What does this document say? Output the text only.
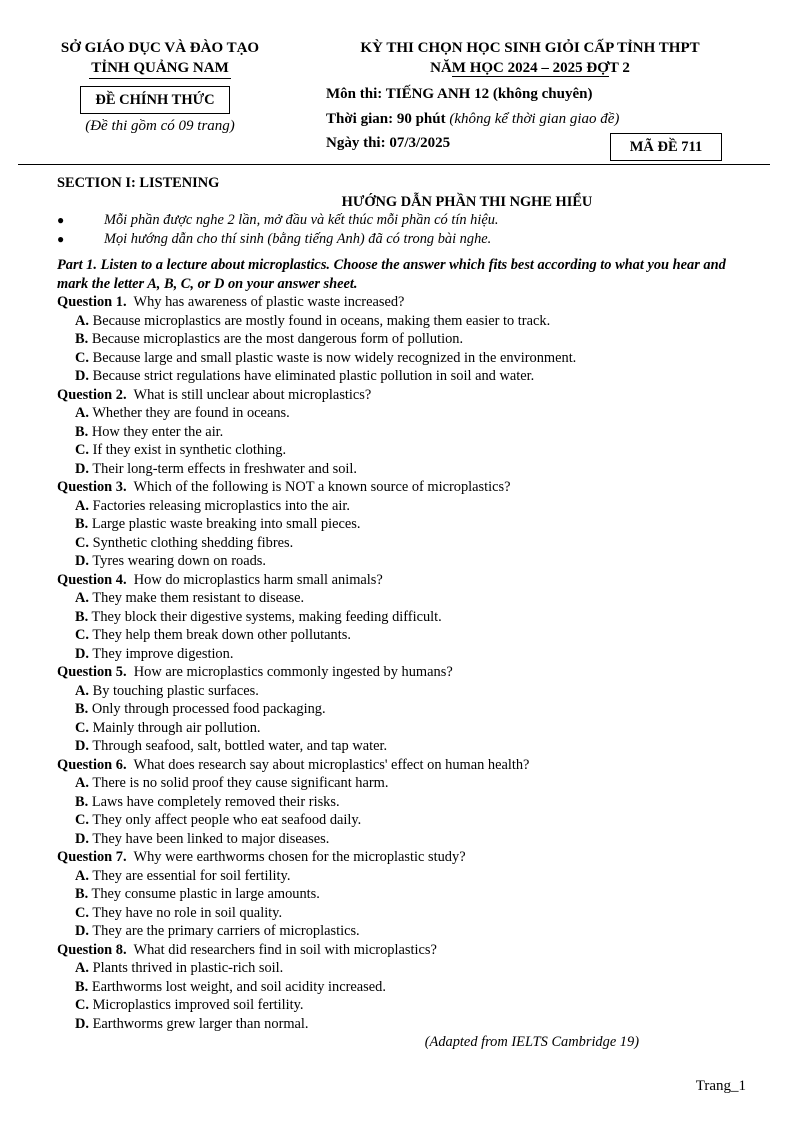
SỞ GIÁO DỤC VÀ ĐÀO TẠO
TỈNH QUẢNG NAM
ĐỀ CHÍNH THỨC
(Đề thi gồm có 09 trang)
KỲ THI CHỌN HỌC SINH GIỎI CẤP TỈNH THPT
NĂM HỌC 2024 – 2025 ĐỢT 2
Môn thi: TIẾNG ANH 12 (không chuyên)
Thời gian: 90 phút (không kể thời gian giao đề)
Ngày thi: 07/3/2025	MÃ ĐỀ 711
SECTION I: LISTENING
HƯỚNG DẪN PHẦN THI NGHE HIỂU
●	Mỗi phần được nghe 2 lần, mở đầu và kết thúc mỗi phần có tín hiệu.
●	Mọi hướng dẫn cho thí sinh (bằng tiếng Anh) đã có trong bài nghe.
Part 1. Listen to a lecture about microplastics. Choose the answer which fits best according to what you hear and mark the letter A, B, C, or D on your answer sheet.
Question 1. Why has awareness of plastic waste increased?
A. Because microplastics are mostly found in oceans, making them easier to track.
B. Because microplastics are the most dangerous form of pollution.
C. Because large and small plastic waste is now widely recognized in the environment.
D. Because strict regulations have eliminated plastic pollution in soil and water.
Question 2. What is still unclear about microplastics?
A. Whether they are found in oceans.
B. How they enter the air.
C. If they exist in synthetic clothing.
D. Their long-term effects in freshwater and soil.
Question 3. Which of the following is NOT a known source of microplastics?
A. Factories releasing microplastics into the air.
B. Large plastic waste breaking into small pieces.
C. Synthetic clothing shedding fibres.
D. Tyres wearing down on roads.
Question 4. How do microplastics harm small animals?
A. They make them resistant to disease.
B. They block their digestive systems, making feeding difficult.
C. They help them break down other pollutants.
D. They improve digestion.
Question 5. How are microplastics commonly ingested by humans?
A. By touching plastic surfaces.
B. Only through processed food packaging.
C. Mainly through air pollution.
D. Through seafood, salt, bottled water, and tap water.
Question 6. What does research say about microplastics' effect on human health?
A. There is no solid proof they cause significant harm.
B. Laws have completely removed their risks.
C. They only affect people who eat seafood daily.
D. They have been linked to major diseases.
Question 7. Why were earthworms chosen for the microplastic study?
A. They are essential for soil fertility.
B. They consume plastic in large amounts.
C. They have no role in soil quality.
D. They are the primary carriers of microplastics.
Question 8. What did researchers find in soil with microplastics?
A. Plants thrived in plastic-rich soil.
B. Earthworms lost weight, and soil acidity increased.
C. Microplastics improved soil fertility.
D. Earthworms grew larger than normal.
(Adapted from IELTS Cambridge 19)
Trang_1
